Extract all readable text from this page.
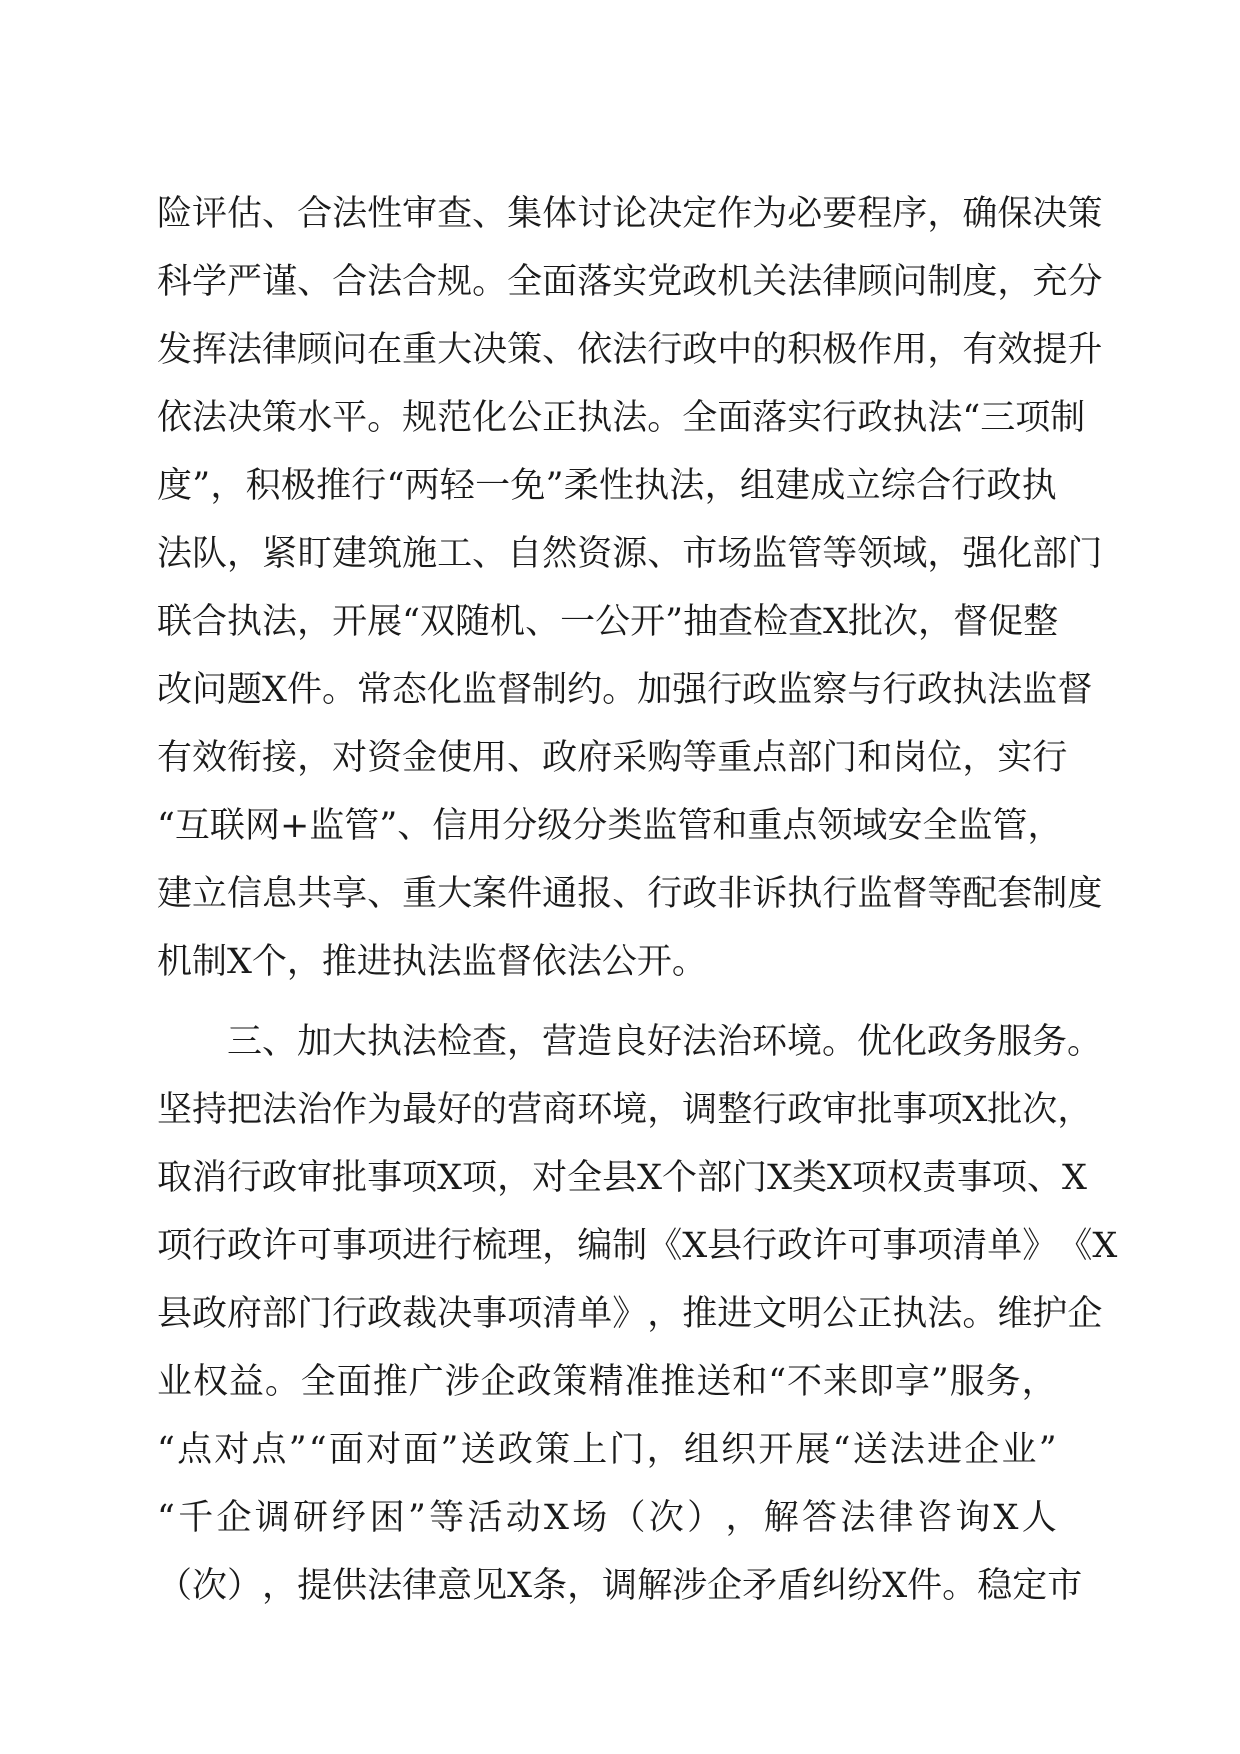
险 评 估 、 合 法 性 审 查 、 集 体 讨 论 决 定 作 为 必 要 程 序 ， 确 保 决 策
科 学 严 谨 、 合 法 合 规 。 全 面 落 实 党 政 机 关 法 律 顾 问 制 度 ， 充 分
发 挥 法 律 顾 问 在 重 大 决 策 、 依 法 行 政 中 的 积 极 作 用 ， 有 效 提 升
依 法 决 策 水 平 。 规 范 化 公 正 执 法 。 全 面 落 实 行 政 执 法 “ 三 项 制
度 ” ， 积 极 推 行 “ 两 轻 一 免 ” 柔 性 执 法 ， 组 建 成 立 综 合 行 政 执
法 队 ， 紧 盯 建 筑 施 工 、 自 然 资 源 、 市 场 监 管 等 领 域 ， 强 化 部 门
联 合 执 法 ， 开 展 “ 双 随 机 、 一 公 开 ” 抽 查 检 查 X 批 次 ， 督 促 整
改 问 题 X 件 。 常 态 化 监 督 制 约 。 加 强 行 政 监 察 与 行 政 执 法 监 督
有 效 衔 接 ， 对 资 金 使 用 、 政 府 采 购 等 重 点 部 门 和 岗 位 ， 实 行
“ 互 联 网 + 监 管 ” 、 信 用 分 级 分 类 监 管 和 重 点 领 域 安 全 监 管 ，
建 立 信 息 共 享 、 重 大 案 件 通 报 、 行 政 非 诉 执 行 监 督 等 配 套 制 度
机制X个，推进执法监督依法公开。
三、加大执法检查，营造良好法治环境。优化政务服务。
坚 持 把 法 治 作 为 最 好 的 营 商 环 境 ， 调 整 行 政 审 批 事 项 X 批 次 ，
取 消 行 政 审 批 事 项 X 项 ， 对 全 县 X 个 部 门 X 类 X 项 权 责 事 项 、 X
项 行 政 许 可 事 项 进 行 梳 理 ， 编 制 《 X 县 行 政 许 可 事 项 清 单 》 《 X
县 政 府 部 门 行 政 裁 决 事 项 清 单 》 ， 推 进 文 明 公 正 执 法 。 维 护 企
业 权 益 。 全 面 推 广 涉 企 政 策 精 准 推 送 和 “ 不 来 即 享 ” 服 务 ，
“ 点 对 点 ” “ 面 对 面 ” 送 政 策 上 门 ， 组 织 开 展 “ 送 法 进 企 业 ”
“ 千 企 调 研 纾 困 ” 等 活 动 X 场 （ 次 ） ， 解 答 法 律 咨 询 X 人
（ 次 ） ， 提 供 法 律 意 见 X 条 ， 调 解 涉 企 矛 盾 纠 纷 X 件 。 稳 定 市
